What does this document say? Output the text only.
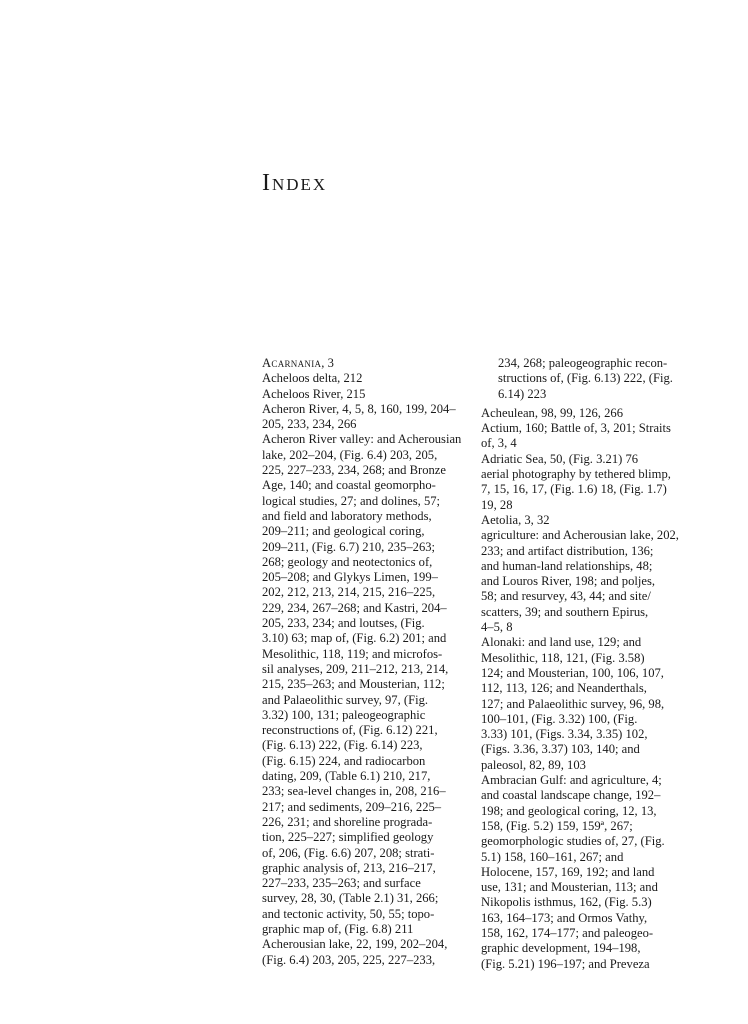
Index
Acarnania, 3
Acheloos delta, 212
Acheloos River, 215
Acheron River, 4, 5, 8, 160, 199, 204–
205, 233, 234, 266
Acheron River valley: and Acherousian
lake, 202–204, (Fig. 6.4) 203, 205,
225, 227–233, 234, 268; and Bronze
Age, 140; and coastal geomorpho-
logical studies, 27; and dolines, 57;
and field and laboratory methods,
209–211; and geological coring,
209–211, (Fig. 6.7) 210, 235–263;
268; geology and neotectonics of,
205–208; and Glykys Limen, 199–
202, 212, 213, 214, 215, 216–225,
229, 234, 267–268; and Kastri, 204–
205, 233, 234; and loutses, (Fig.
3.10) 63; map of, (Fig. 6.2) 201; and
Mesolithic, 118, 119; and microfos-
sil analyses, 209, 211–212, 213, 214,
215, 235–263; and Mousterian, 112;
and Palaeolithic survey, 97, (Fig.
3.32) 100, 131; paleogeographic
reconstructions of, (Fig. 6.12) 221,
(Fig. 6.13) 222, (Fig. 6.14) 223,
(Fig. 6.15) 224, and radiocarbon
dating, 209, (Table 6.1) 210, 217,
233; sea-level changes in, 208, 216–
217; and sediments, 209–216, 225–
226, 231; and shoreline prograda-
tion, 225–227; simplified geology
of, 206, (Fig. 6.6) 207, 208; strati-
graphic analysis of, 213, 216–217,
227–233, 235–263; and surface
survey, 28, 30, (Table 2.1) 31, 266;
and tectonic activity, 50, 55; topo-
graphic map of, (Fig. 6.8) 211
Acherousian lake, 22, 199, 202–204,
(Fig. 6.4) 203, 205, 225, 227–233,
234, 268; paleogeographic recon-
structions of, (Fig. 6.13) 222, (Fig.
6.14) 223
Acheulean, 98, 99, 126, 266
Actium, 160; Battle of, 3, 201; Straits
of, 3, 4
Adriatic Sea, 50, (Fig. 3.21) 76
aerial photography by tethered blimp,
7, 15, 16, 17, (Fig. 1.6) 18, (Fig. 1.7)
19, 28
Aetolia, 3, 32
agriculture: and Acherousian lake, 202,
233; and artifact distribution, 136;
and human-land relationships, 48;
and Louros River, 198; and poljes,
58; and resurvey, 43, 44; and site/
scatters, 39; and southern Epirus,
4–5, 8
Alonaki: and land use, 129; and
Mesolithic, 118, 121, (Fig. 3.58)
124; and Mousterian, 100, 106, 107,
112, 113, 126; and Neanderthals,
127; and Palaeolithic survey, 96, 98,
100–101, (Fig. 3.32) 100, (Fig.
3.33) 101, (Figs. 3.34, 3.35) 102,
(Figs. 3.36, 3.37) 103, 140; and
paleosol, 82, 89, 103
Ambracian Gulf: and agriculture, 4;
and coastal landscape change, 192–
198; and geological coring, 12, 13,
158, (Fig. 5.2) 159, 159ª, 267;
geomorphologic studies of, 27, (Fig.
5.1) 158, 160–161, 267; and
Holocene, 157, 169, 192; and land
use, 131; and Mousterian, 113; and
Nikopolis isthmus, 162, (Fig. 5.3)
163, 164–173; and Ormos Vathy,
158, 162, 174–177; and paleogeo-
graphic development, 194–198,
(Fig. 5.21) 196–197; and Preveza
